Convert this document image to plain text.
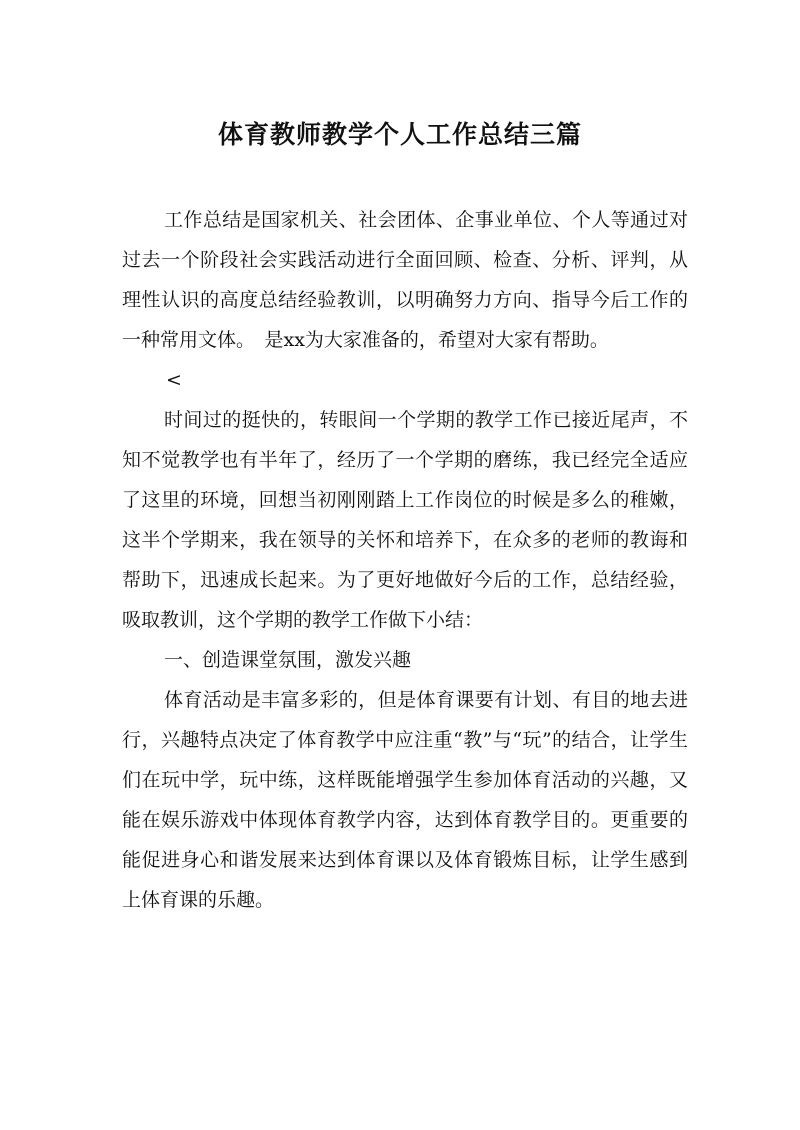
体育教师教学个人工作总结三篇

工作总结是国家机关、社会团体、企事业单位、个人等通过对过去一个阶段社会实践活动进行全面回顾、检查、分析、评判，从理性认识的高度总结经验教训，以明确努力方向、指导今后工作的一种常用文体。　是xx为大家准备的，希望对大家有帮助。

<

时间过的挺快的，转眼间一个学期的教学工作已接近尾声，不知不觉教学也有半年了，经历了一个学期的磨练，我已经完全适应了这里的环境，回想当初刚刚踏上工作岗位的时候是多么的稚嫩，这半个学期来，我在领导的关怀和培养下，在众多的老师的教诲和帮助下，迅速成长起来。为了更好地做好今后的工作，总结经验，吸取教训，这个学期的教学工作做下小结：

一、创造课堂氛围，激发兴趣

体育活动是丰富多彩的，但是体育课要有计划、有目的地去进行，兴趣特点决定了体育教学中应注重“教”与“玩”的结合，让学生们在玩中学，玩中练，这样既能增强学生参加体育活动的兴趣，又能在娱乐游戏中体现体育教学内容，达到体育教学目的。更重要的能促进身心和谐发展来达到体育课以及体育锻炼目标，让学生感到上体育课的乐趣。
